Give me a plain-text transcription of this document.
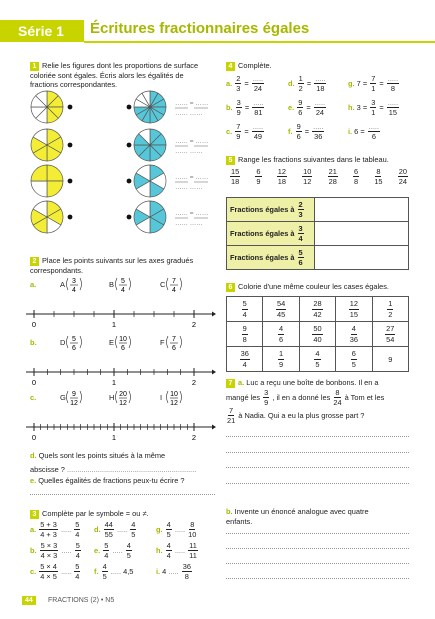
Série 1	Écritures fractionnaires égales
1 Relie les figures dont les proportions de surface
coloriée sont égales. Écris alors les égalités de
fractions correspondantes.
…… = ……
…… ……
…… = ……
…… ……
…… = ……
…… ……
…… = ……
…… ……
2 Place les points suivants sur les axes gradués
correspondants.
a.	A 3
4
B 5
4
C 7
4
0	1	2
b.	D 5
6
E 10
6
F 7
6
0	1	2
c.	G 9
12
H 20
12
I 10
12
0	1	2
d. Quels sont les points situés à la même
abscisse ? ...............................................................
e. Quelles égalités de fractions peux-tu écrire ?
3 Complète par le symbole = ou ≠.
a. $\frac{5 + 3}{4 + 3}$ ..... $\frac{5}{4}$
b. $\frac{5 \times 3}{4 \times 3}$ ..... $\frac{5}{4}$
c. $\frac{5 \times 4}{4 \times 5}$ ..... $\frac{5}{4}$
d. $\frac{44}{55}$ ..... $\frac{4}{5}$
e. $\frac{5}{4}$ ..... $\frac{4}{5}$
f. $\frac{4}{5}$ ..... 4,5
g. $\frac{4}{5}$ ..... $\frac{8}{10}$
h. $\frac{4}{4}$ ..... $\frac{11}{11}$
i. 4 ..... $\frac{36}{8}$
4 Complète.
a. $\frac{2}{3} = \frac{.....}{24}$
b. $\frac{3}{9} = \frac{.....}{81}$
c. $\frac{7}{9} = \frac{.....}{49}$
d. $\frac{1}{2} = \frac{.....}{18}$
e. $\frac{9}{6} = \frac{.....}{24}$
f. $\frac{9}{6} = \frac{.....}{36}$
g. $7 = \frac{7}{1} = \frac{.....}{8}$
h. $3 = \frac{3}{1} = \frac{.....}{15}$
i. $6 = \frac{.....}{6}$
5 Range les fractions suivantes dans le tableau.
$\frac{15}{18} \frac{6}{9} \frac{12}{18} \frac{10}{12} \frac{21}{28} \frac{6}{8} \frac{8}{15} \frac{20}{24}$
Fractions égales à $\frac{2}{3}$

Fractions égales à $\frac{3}{4}$

Fractions égales à $\frac{5}{6}$

6 Colorie d'une même couleur les cases égales.
$\frac{5}{4}$	$\frac{54}{45}$	$\frac{28}{42}$	$\frac{12}{15}$	$\frac{1}{2}$

$\frac{9}{8}$	$\frac{4}{6}$	$\frac{50}{40}$	$\frac{4}{36}$	$\frac{27}{54}$

$\frac{36}{4}$	$\frac{1}{9}$	$\frac{4}{5}$	$\frac{6}{5}$	9
7 a. Luc a reçu une boîte de bonbons. Il en a
mangé les $\frac{3}{9}$ , il en a donné les $\frac{8}{24}$ à Tom et les

$\frac{7}{21}$ à Nadia. Qui a eu la plus grosse part ?
b. Invente un énoncé analogue avec quatre
enfants.
44	FRACTIONS (2) • N5
